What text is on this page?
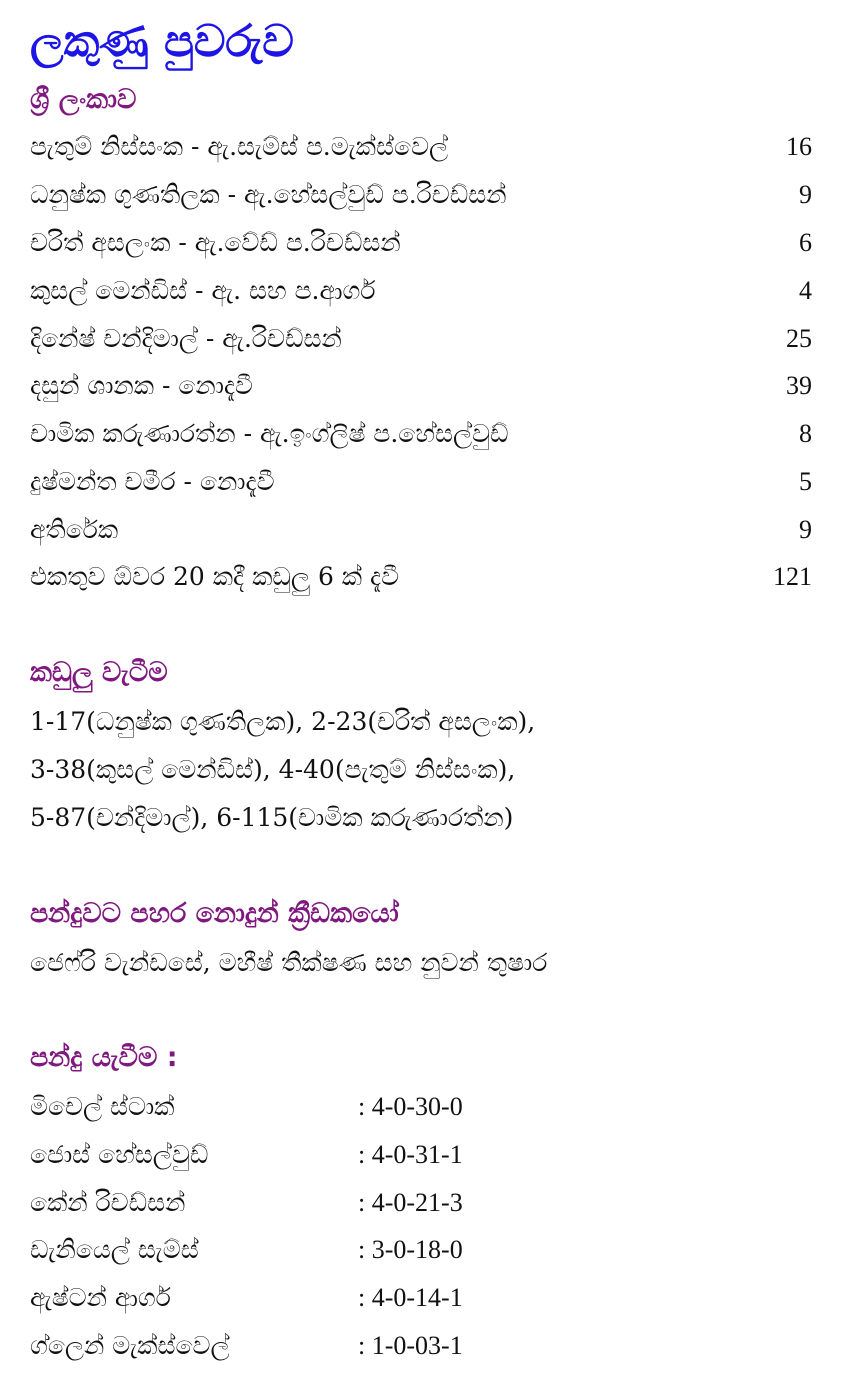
ලකුණු පුවරුව
ශ්‍රී ලංකාව
පැතුම් නිස්සංක - ඇ.සැම්ස් ප.මැක්ස්වෙල්	16
ධනුෂ්ක ගුණතිලක - ඇ.හේසල්වුඩ් ප.රිචඩ්සන්	9
චරිත් අසලංක - ඇ.වේඩ් ප.රිචඩ්සන්	6
කුසල් මෙන්ඩිස් - ඇ. සහ ප.ආගර්	4
දිනේෂ් චන්දිමාල් - ඇ.රිචඩ්සන්	25
දසුන් ශානක - නොදැවී	39
චාමික කරුණාරත්න - ඇ.ඉංග්ලිෂ් ප.හේසල්වුඩ්	8
දුෂ්මන්ත චමීර - නොදැවී	5
අතිරේක	9
එකතුව ඕවර 20 කදී කඩුලු 6 ක් දැවී	121
කඩුලු වැටීම
1-17(ධනුෂ්ක ගුණතිලක), 2-23(චරිත් අසලංක),
3-38(කුසල් මෙන්ඩිස්), 4-40(පැතුම් නිස්සංක),
5-87(චන්දිමාල්), 6-115(චාමික කරුණාරත්න)
පන්දුවට පහර නොදුන් ක්‍රීඩකයෝ
ජෙෆ්රි වැන්ඩසේ, මහීෂ් තීක්ෂණ සහ නුවන් තුෂාර
පන්දු යැවීම :
මිචෙල් ස්ටාක්	: 4-0-30-0
ජොස් හේසල්වුඩ්	: 4-0-31-1
කේන් රිචඩ්සන්	: 4-0-21-3
ඩැනියෙල් සැම්ස්	: 3-0-18-0
ඇෂ්ටන් ආගර්	: 4-0-14-1
ග්ලෙන් මැක්ස්වෙල්	: 1-0-03-1
